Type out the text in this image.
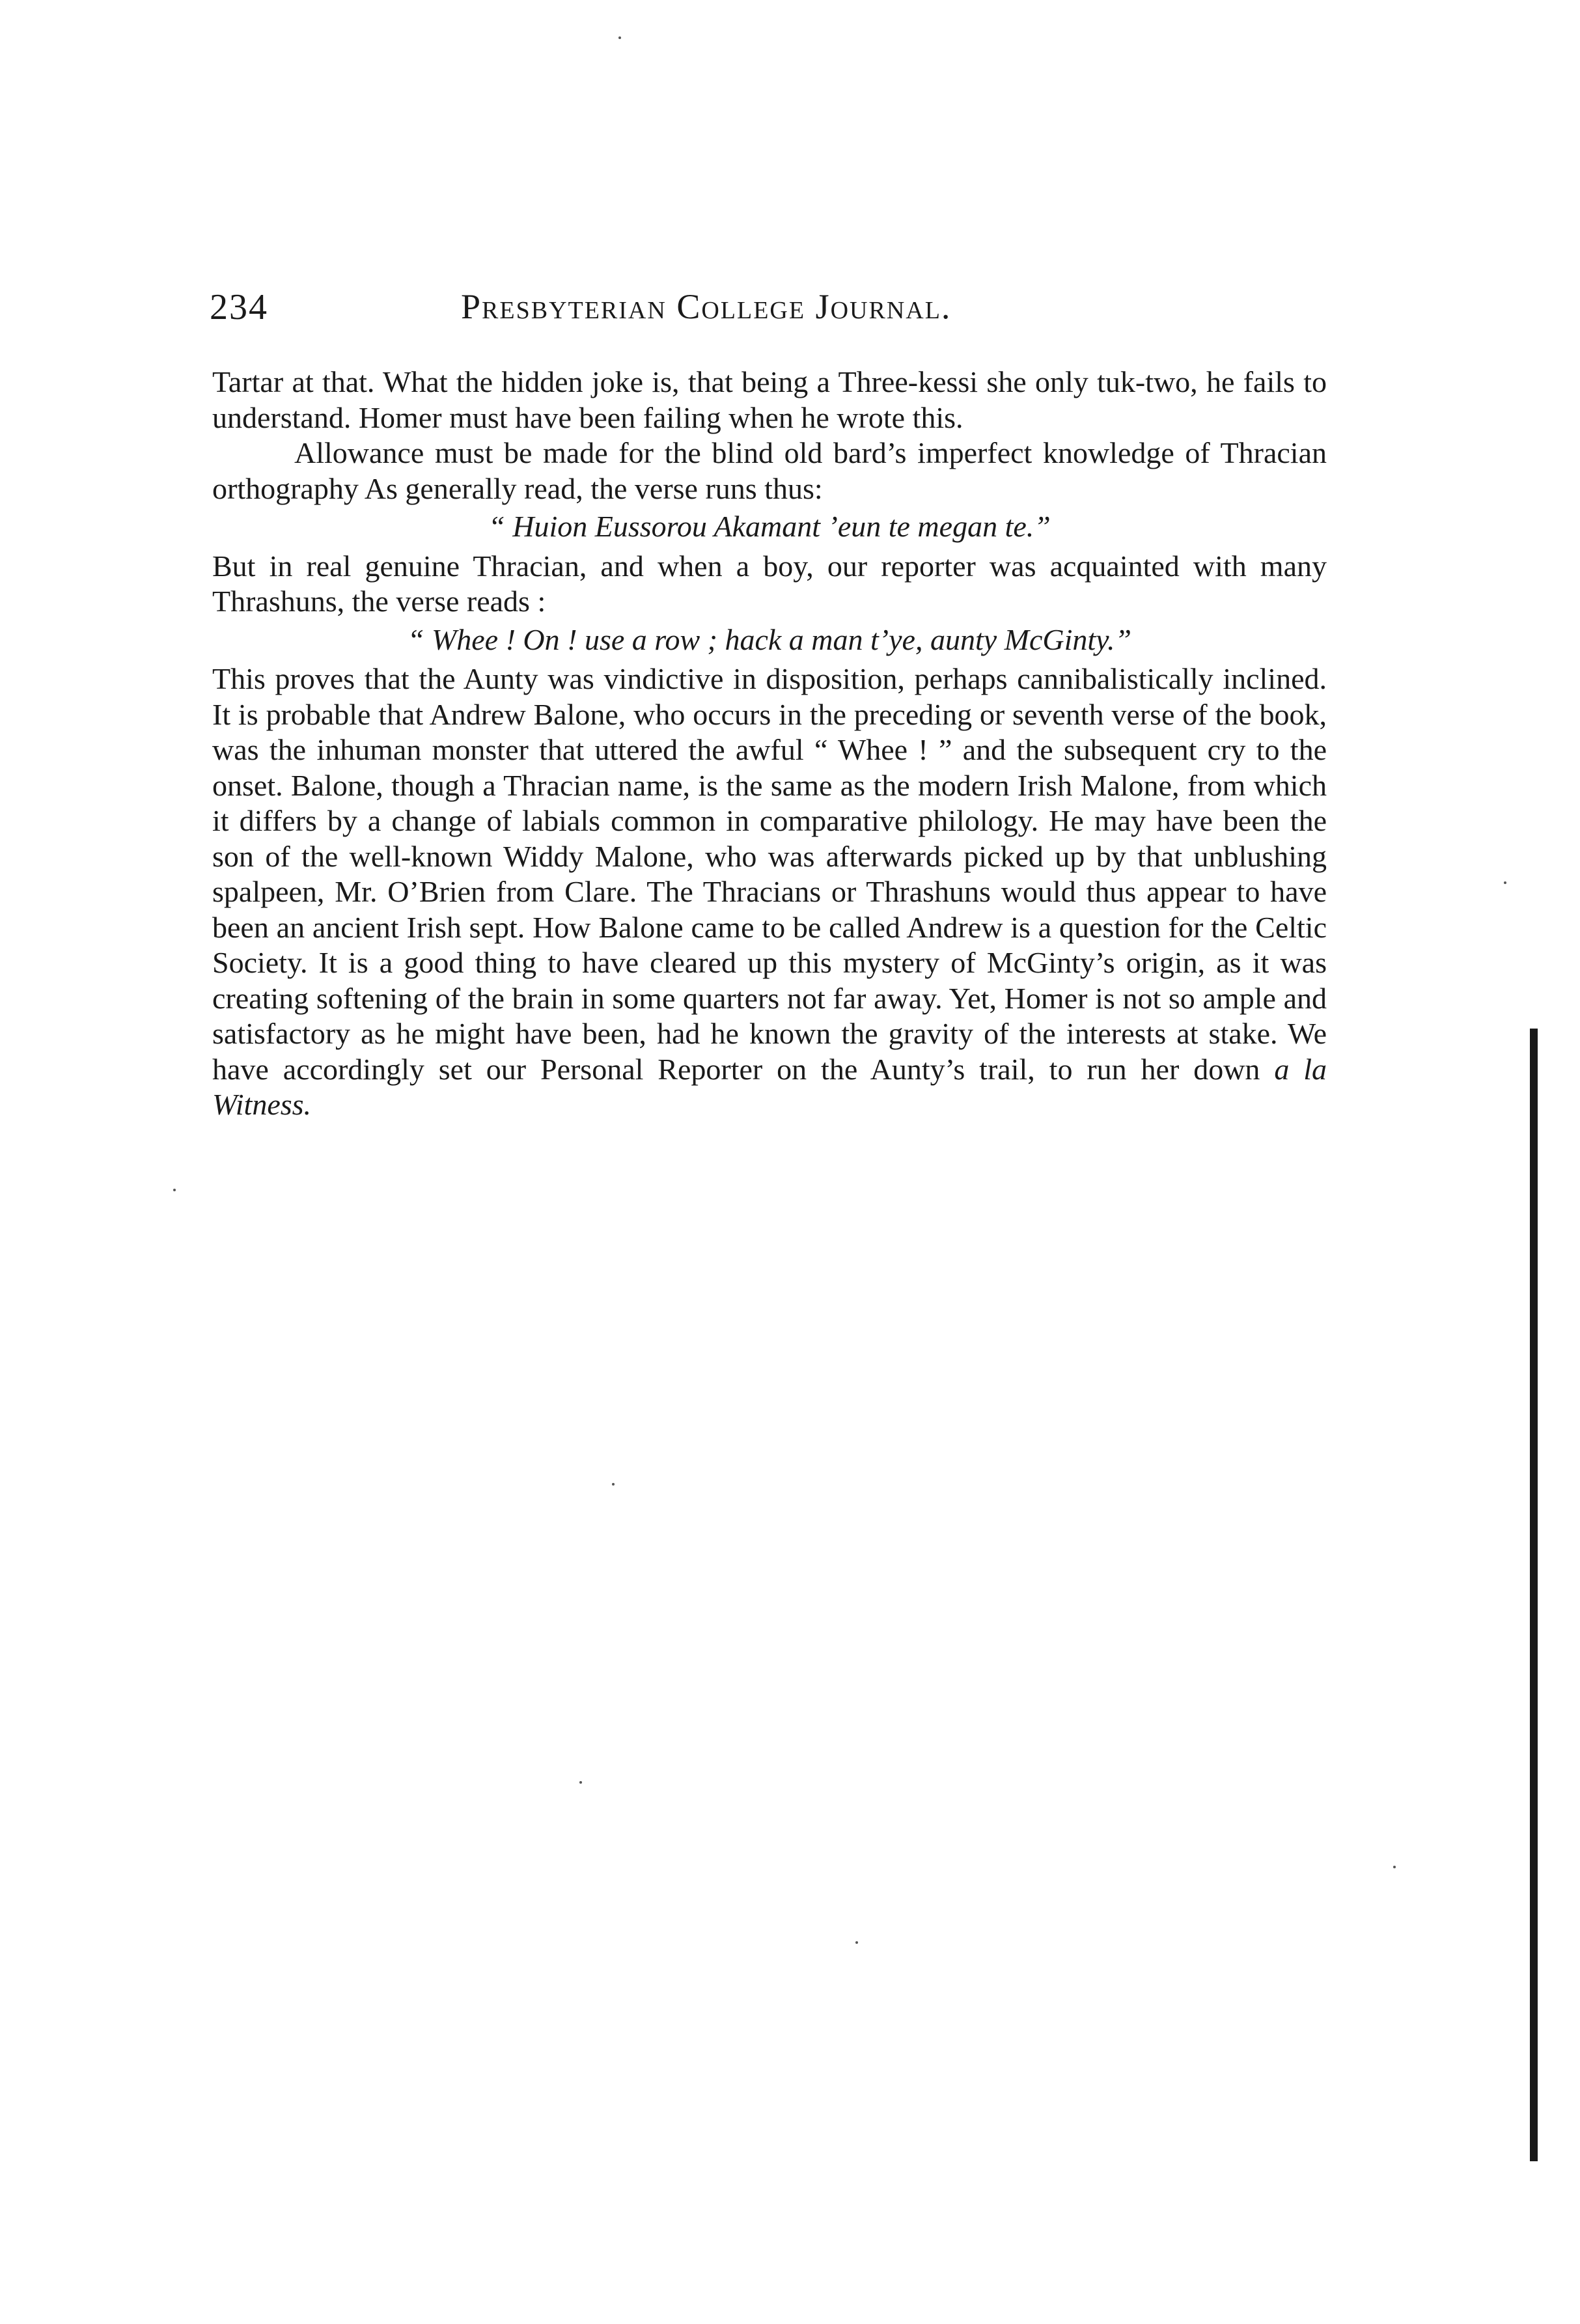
234	Presbyterian College Journal.

Tartar at that. What the hidden joke is, that being a Three-kessi she only tuk-two, he fails to understand. Homer must have been failing when he wrote this.

Allowance must be made for the blind old bard’s imperfect knowledge of Thracian orthography As generally read, the verse runs thus:

“ Huion Eussorou Akamant ’eun te megan te.”

But in real genuine Thracian, and when a boy, our reporter was acquainted with many Thrashuns, the verse reads :

“ Whee ! On ! use a row ; hack a man t’ye, aunty McGinty.”

This proves that the Aunty was vindictive in disposition, perhaps cannibalistically inclined. It is probable that Andrew Balone, who occurs in the preceding or seventh verse of the book, was the inhuman monster that uttered the awful “ Whee ! ” and the subsequent cry to the onset. Balone, though a Thracian name, is the same as the modern Irish Malone, from which it differs by a change of labials common in comparative philology. He may have been the son of the well-known Widdy Malone, who was afterwards picked up by that unblushing spalpeen, Mr. O’Brien from Clare. The Thracians or Thrashuns would thus appear to have been an ancient Irish sept. How Balone came to be called Andrew is a question for the Celtic Society. It is a good thing to have cleared up this mystery of McGinty’s origin, as it was creating softening of the brain in some quarters not far away. Yet, Homer is not so ample and satisfactory as he might have been, had he known the gravity of the interests at stake. We have accordingly set our Personal Reporter on the Aunty’s trail, to run her down a la Witness.
